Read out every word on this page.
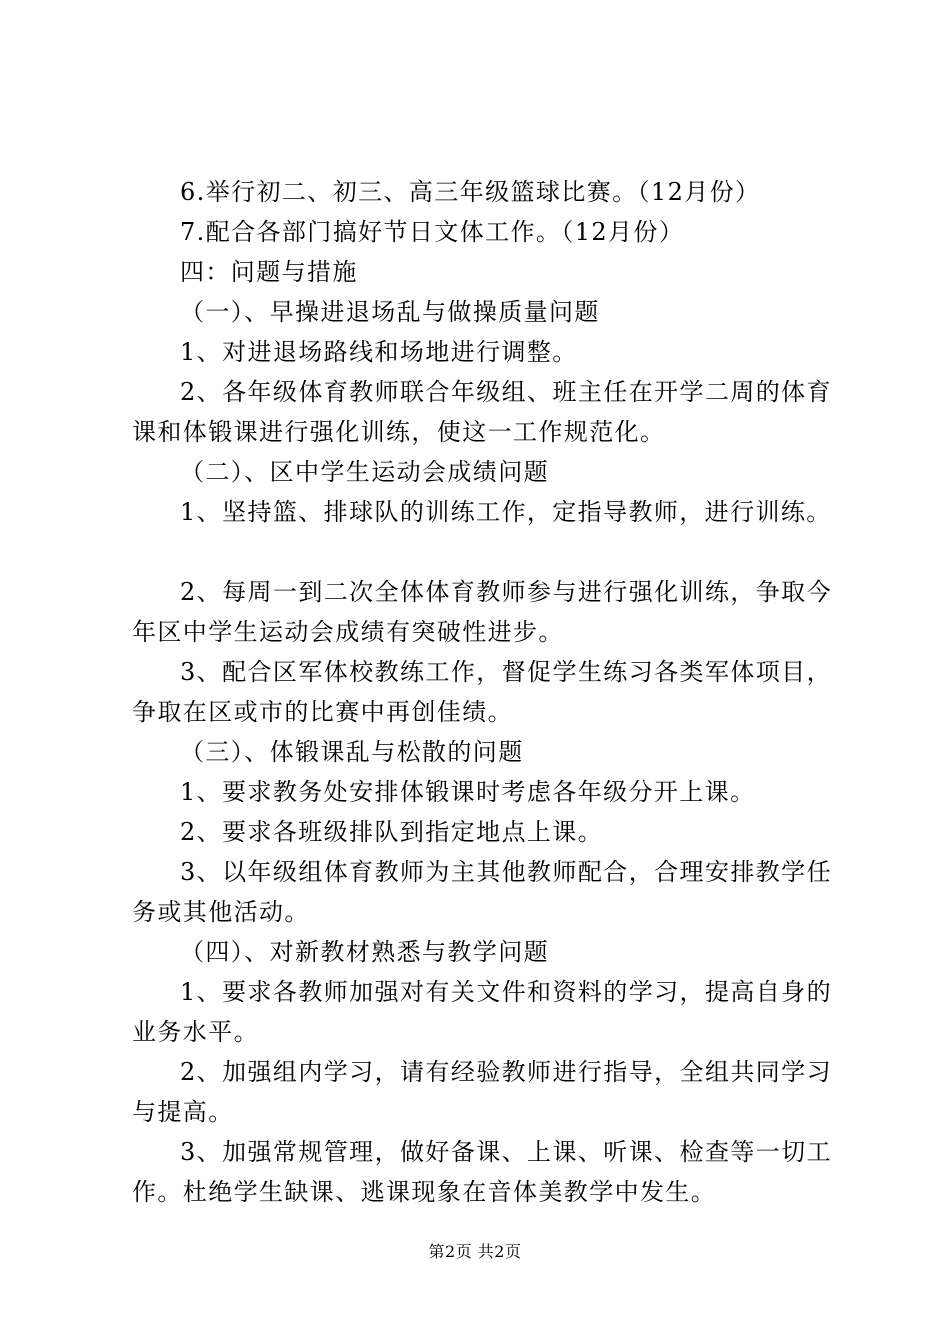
6.举行初二、初三、高三年级篮球比赛。（12月份）

7.配合各部门搞好节日文体工作。（12月份）

四：问题与措施

（一）、早操进退场乱与做操质量问题

1、对进退场路线和场地进行调整。

2、各年级体育教师联合年级组、班主任在开学二周的体育课和体锻课进行强化训练，使这一工作规范化。

（二）、区中学生运动会成绩问题

1、坚持篮、排球队的训练工作，定指导教师，进行训练。

2、每周一到二次全体体育教师参与进行强化训练，争取今年区中学生运动会成绩有突破性进步。

3、配合区军体校教练工作，督促学生练习各类军体项目，争取在区或市的比赛中再创佳绩。

（三）、体锻课乱与松散的问题

1、要求教务处安排体锻课时考虑各年级分开上课。

2、要求各班级排队到指定地点上课。

3、以年级组体育教师为主其他教师配合，合理安排教学任务或其他活动。

（四）、对新教材熟悉与教学问题

1、要求各教师加强对有关文件和资料的学习，提高自身的业务水平。

2、加强组内学习，请有经验教师进行指导，全组共同学习与提高。

3、加强常规管理，做好备课、上课、听课、检查等一切工作。杜绝学生缺课、逃课现象在音体美教学中发生。

第2页 共2页
